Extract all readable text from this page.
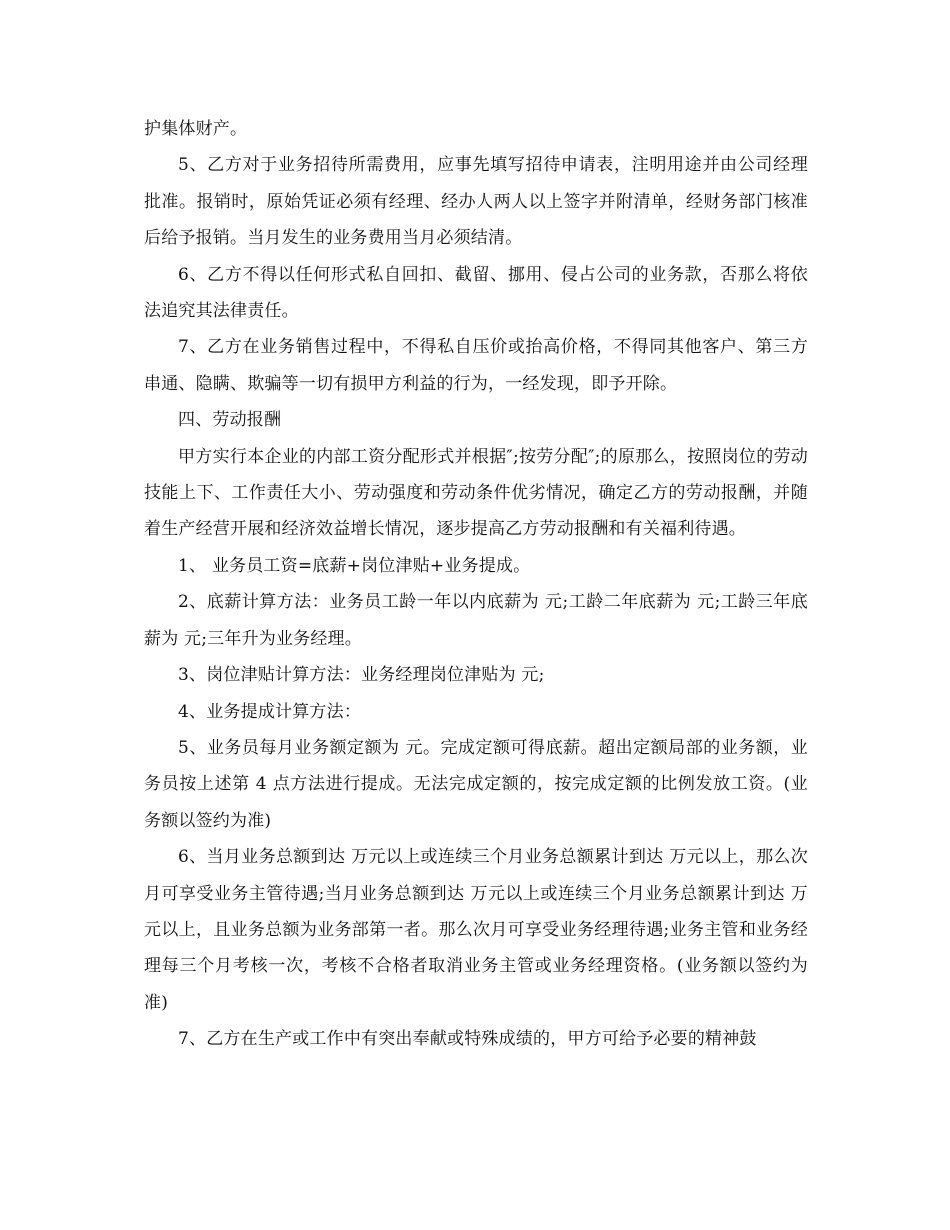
护集体财产。

5、乙方对于业务招待所需费用，应事先填写招待申请表，注明用途并由公司经理批准。报销时，原始凭证必须有经理、经办人两人以上签字并附清单，经财务部门核准后给予报销。当月发生的业务费用当月必须结清。

6、乙方不得以任何形式私自回扣、截留、挪用、侵占公司的业务款，否那么将依法追究其法律责任。

7、乙方在业务销售过程中，不得私自压价或抬高价格，不得同其他客户、第三方串通、隐瞒、欺骗等一切有损甲方利益的行为，一经发现，即予开除。

四、劳动报酬

甲方实行本企业的内部工资分配形式并根据″;按劳分配″;的原那么，按照岗位的劳动技能上下、工作责任大小、劳动强度和劳动条件优劣情况，确定乙方的劳动报酬，并随着生产经营开展和经济效益增长情况，逐步提高乙方劳动报酬和有关福利待遇。

1、 业务员工资=底薪+岗位津贴+业务提成。

2、底薪计算方法：业务员工龄一年以内底薪为 元;工龄二年底薪为 元;工龄三年底薪为 元;三年升为业务经理。

3、岗位津贴计算方法：业务经理岗位津贴为 元;

4、业务提成计算方法：

5、业务员每月业务额定额为 元。完成定额可得底薪。超出定额局部的业务额，业务员按上述第 4 点方法进行提成。无法完成定额的，按完成定额的比例发放工资。(业务额以签约为准)

6、当月业务总额到达 万元以上或连续三个月业务总额累计到达 万元以上，那么次月可享受业务主管待遇;当月业务总额到达 万元以上或连续三个月业务总额累计到达 万元以上，且业务总额为业务部第一者。那么次月可享受业务经理待遇;业务主管和业务经理每三个月考核一次，考核不合格者取消业务主管或业务经理资格。(业务额以签约为准)

7、乙方在生产或工作中有突出奉献或特殊成绩的，甲方可给予必要的精神鼓
